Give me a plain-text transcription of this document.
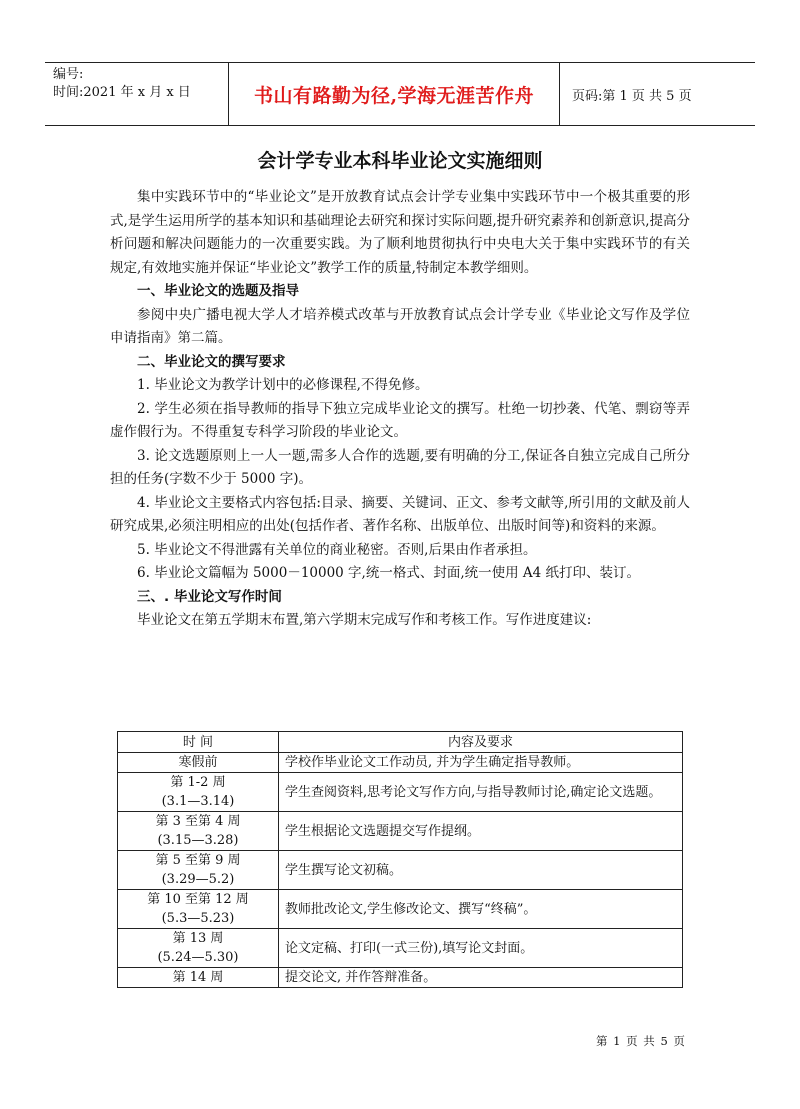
编号:
时间:2021 年 x 月 x 日	书山有路勤为径,学海无涯苦作舟	页码:第 1 页 共 5 页
会计学专业本科毕业论文实施细则

集中实践环节中的“毕业论文”是开放教育试点会计学专业集中实践环节中一个极其重要的形式,是学生运用所学的基本知识和基础理论去研究和探讨实际问题,提升研究素养和创新意识,提高分析问题和解决问题能力的一次重要实践。为了顺利地贯彻执行中央电大关于集中实践环节的有关规定,有效地实施并保证“毕业论文”教学工作的质量,特制定本教学细则。

一、毕业论文的选题及指导

参阅中央广播电视大学人才培养模式改革与开放教育试点会计学专业《毕业论文写作及学位申请指南》第二篇。

二、毕业论文的撰写要求

1. 毕业论文为教学计划中的必修课程,不得免修。

2. 学生必须在指导教师的指导下独立完成毕业论文的撰写。杜绝一切抄袭、代笔、剽窃等弄虚作假行为。不得重复专科学习阶段的毕业论文。

3. 论文选题原则上一人一题,需多人合作的选题,要有明确的分工,保证各自独立完成自己所分担的任务(字数不少于 5000 字)。

4. 毕业论文主要格式内容包括:目录、摘要、关键词、正文、参考文献等,所引用的文献及前人研究成果,必须注明相应的出处(包括作者、著作名称、出版单位、出版时间等)和资料的来源。

5. 毕业论文不得泄露有关单位的商业秘密。否则,后果由作者承担。

6. 毕业论文篇幅为 5000－10000 字,统一格式、封面,统一使用 A4 纸打印、装订。

三、. 毕业论文写作时间

毕业论文在第五学期末布置,第六学期末完成写作和考核工作。写作进度建议:

时 间	内容及要求

寒假前	学校作毕业论文工作动员, 并为学生确定指导教师。

第 1-2 周
(3.1—3.14)	学生查阅资料,思考论文写作方向,与指导教师讨论,确定论文选题。

第 3 至第 4 周
(3.15—3.28)	学生根据论文选题提交写作提纲。

第 5 至第 9 周
(3.29—5.2)	学生撰写论文初稿。

第 10 至第 12 周
(5.3—5.23)	教师批改论文,学生修改论文、撰写“终稿”。

第 13 周
(5.24—5.30)	论文定稿、打印(一式三份),填写论文封面。

第 14 周	提交论文, 并作答辩准备。
第 1 页 共 5 页
